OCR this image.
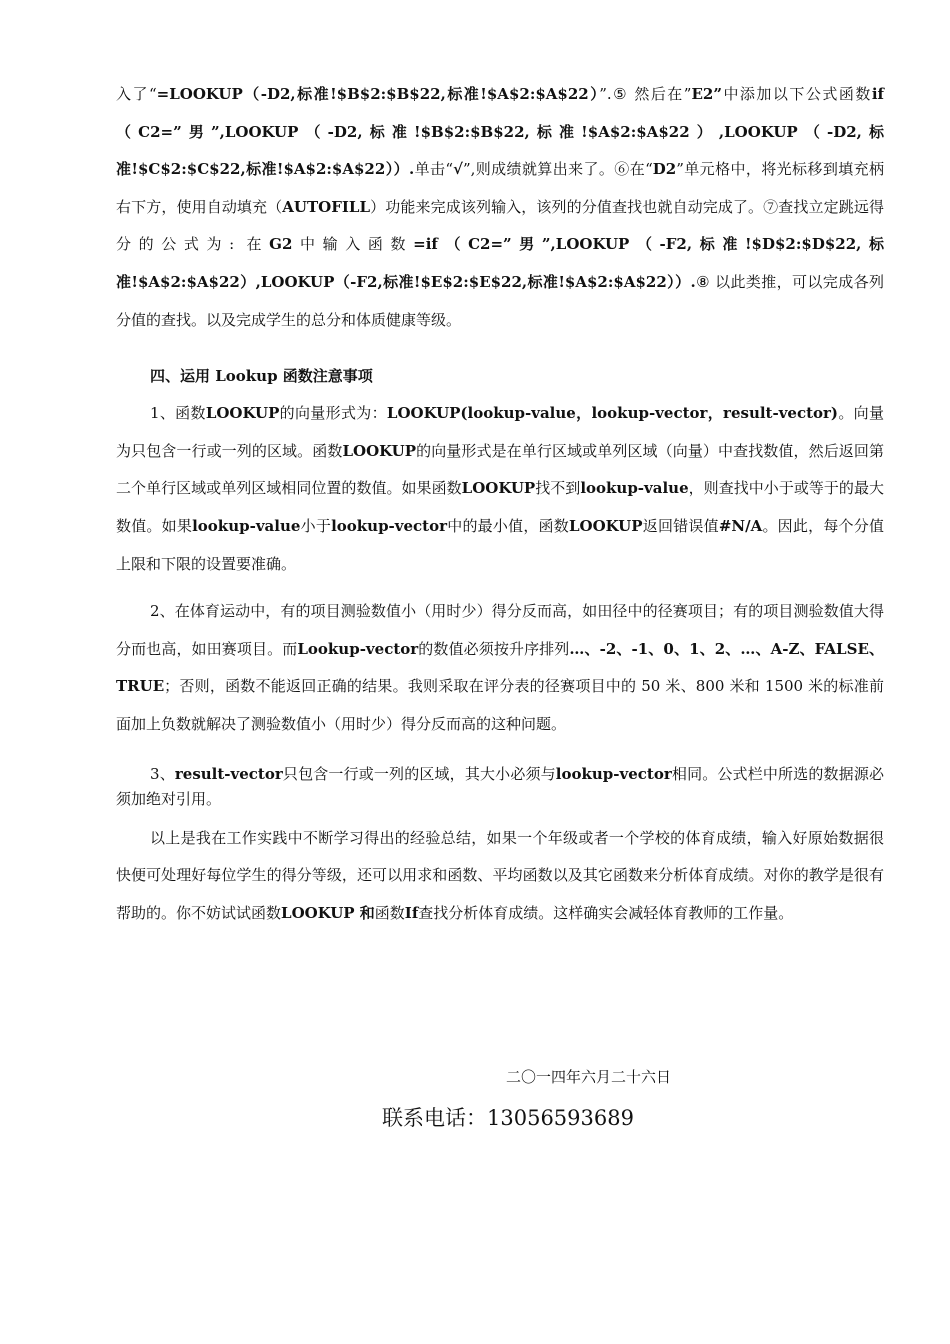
入了“=LOOKUP（-D2,标准!$B$2:$B$22,标准!$A$2:$A$22）”.⑤ 然后在”E2”中添加以下公式函数if（C2=”男”,LOOKUP（-D2,标准!$B$2:$B$22,标准!$A$2:$A$22）,LOOKUP（-D2,标准!$C$2:$C$22,标准!$A$2:$A$22））.单击“√”,则成绩就算出来了。⑥在“D2”单元格中，将光标移到填充柄右下方，使用自动填充（AUTOFILL）功能来完成该列输入，该列的分值查找也就自动完成了。⑦查找立定跳远得分的公式为: 在G2中输入函数=if（C2=”男”,LOOKUP（-F2,标准!$D$2:$D$22,标准!$A$2:$A$22）,LOOKUP（-F2,标准!$E$2:$E$22,标准!$A$2:$A$22））.⑧ 以此类推，可以完成各列分值的查找。以及完成学生的总分和体质健康等级。

四、运用 Lookup 函数注意事项

1、函数LOOKUP的向量形式为：LOOKUP(lookup-value，lookup-vector，result-vector)。向量为只包含一行或一列的区域。函数LOOKUP的向量形式是在单行区域或单列区域（向量）中查找数值，然后返回第二个单行区域或单列区域相同位置的数值。如果函数LOOKUP找不到lookup-value，则查找中小于或等于的最大数值。如果lookup-value小于lookup-vector中的最小值，函数LOOKUP返回错误值#N/A。因此，每个分值上限和下限的设置要准确。

2、在体育运动中，有的项目测验数值小（用时少）得分反而高，如田径中的径赛项目；有的项目测验数值大得分而也高，如田赛项目。而Lookup-vector的数值必须按升序排列…、-2、-1、0、1、2、…、A-Z、FALSE、TRUE；否则，函数不能返回正确的结果。我则采取在评分表的径赛项目中的 50 米、800 米和 1500 米的标准前面加上负数就解决了测验数值小（用时少）得分反而高的这种问题。

3、result-vector只包含一行或一列的区域，其大小必须与lookup-vector相同。公式栏中所选的数据源必须加绝对引用。

以上是我在工作实践中不断学习得出的经验总结，如果一个年级或者一个学校的体育成绩，输入好原始数据很快便可处理好每位学生的得分等级，还可以用求和函数、平均函数以及其它函数来分析体育成绩。对你的教学是很有帮助的。你不妨试试函数LOOKUP 和函数If查找分析体育成绩。这样确实会减轻体育教师的工作量。

二〇一四年六月二十六日
联系电话：13056593689
